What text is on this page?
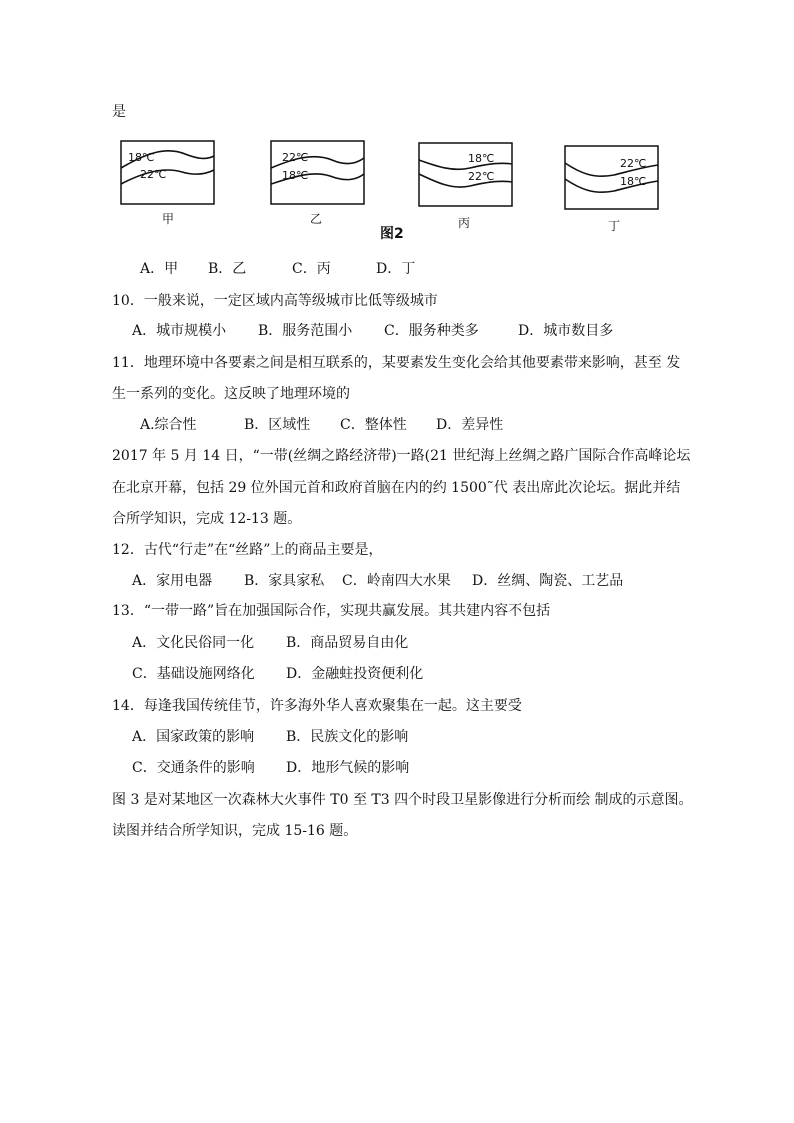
是
18℃
22℃
甲
22℃
18℃
乙
18℃
22℃
丙
22℃
18℃
丁
图2
A．甲 B．乙	C．丙	D．丁
10．一般来说，一定区域内高等级城市比低等级城市
A．城市规模小 B．服务范围小 C．服务种类多	D．城市数目多
11．地理环境中各要素之间是相互联系的，某要素发生变化会给其他要素带来影响，甚至 发
生一系列的变化。这反映了地理环境的
A.综合性	B．区域性 C．整体性 D．差异性
2017 年 5 月 14 日，“一带(丝绸之路经济带)一路(21 世纪海上丝绸之路广国际合作高峰论坛
在北京开幕，包括 29 位外国元首和政府首脑在内的约 1500˜代 表出席此次论坛。据此并结
合所学知识，完成 12-13 题。
12．古代“行走”在“丝路”上的商品主要是，
A．家用电器 B．家具家私 C．岭南四大水果 D．丝绸、陶瓷、工艺品
13．“一带一路”旨在加强国际合作，实现共赢发展。其共建内容不包括
A．文化民俗同一化 B．商品贸易自由化
C．基础设施网络化 D．金融蛀投资便利化
14．每逢我国传统佳节，许多海外华人喜欢聚集在一起。这主要受
A．国家政策的影响 B．民族文化的影响
C．交通条件的影响 D．地形气候的影响
图 3 是对某地区一次森林大火事件 T0 至 T3 四个时段卫星影像进行分析而绘 制成的示意图。
读图并结合所学知识，完成 15-16 题。
